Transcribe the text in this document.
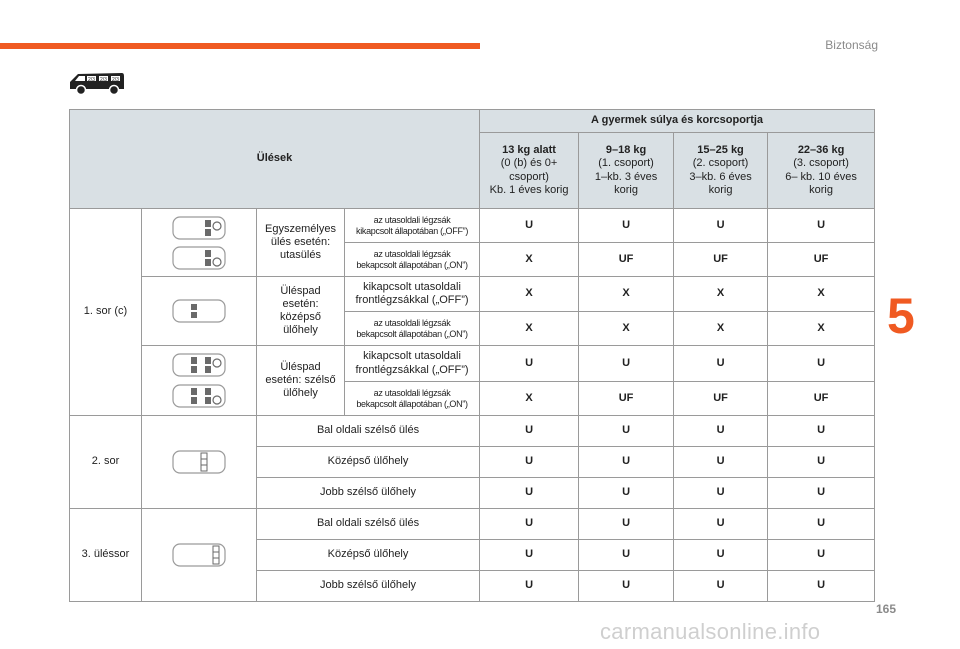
Biztonság
5
165
carmanualsonline.info
2/3 2/3 2/3
Ülések				A gyermek súlya és korcsoportja			
				13 kg alatt
(0 (b) és 0+
csoport)
Kb. 1 éves korig	9–18 kg
(1. csoport)
1–kb. 3 éves
korig	15–25 kg
(2. csoport)
3–kb. 6 éves
korig	22–36 kg
(3. csoport)
6– kb. 10 éves
korig
1. sor (c)		Egyszemélyes
ülés esetén:
utasülés	az utasoldali légzsák
kikapcsolt állapotában („OFF”)	U	U	U	U
			az utasoldali légzsák
bekapcsolt állapotában („ON”)	X	UF	UF	UF

	Üléspad
esetén:
középső
ülőhely	kikapcsolt utasoldali
frontlégzsákkal („OFF”)	X	X	X	X
			az utasoldali légzsák
bekapcsolt állapotában („ON”)	X	X	X	X

	Üléspad
esetén: szélső
ülőhely	kikapcsolt utasoldali
frontlégzsákkal („OFF”)	U	U	U	U
			az utasoldali légzsák
bekapcsolt állapotában („ON”)	X	UF	UF	UF
2. sor		Bal oldali szélső ülés		U	U	U	U
		Középső ülőhely		U	U	U	U
		Jobb szélső ülőhely		U	U	U	U
3. üléssor		Bal oldali szélső ülés		U	U	U	U
		Középső ülőhely		U	U	U	U
		Jobb szélső ülőhely		U	U	U	U
